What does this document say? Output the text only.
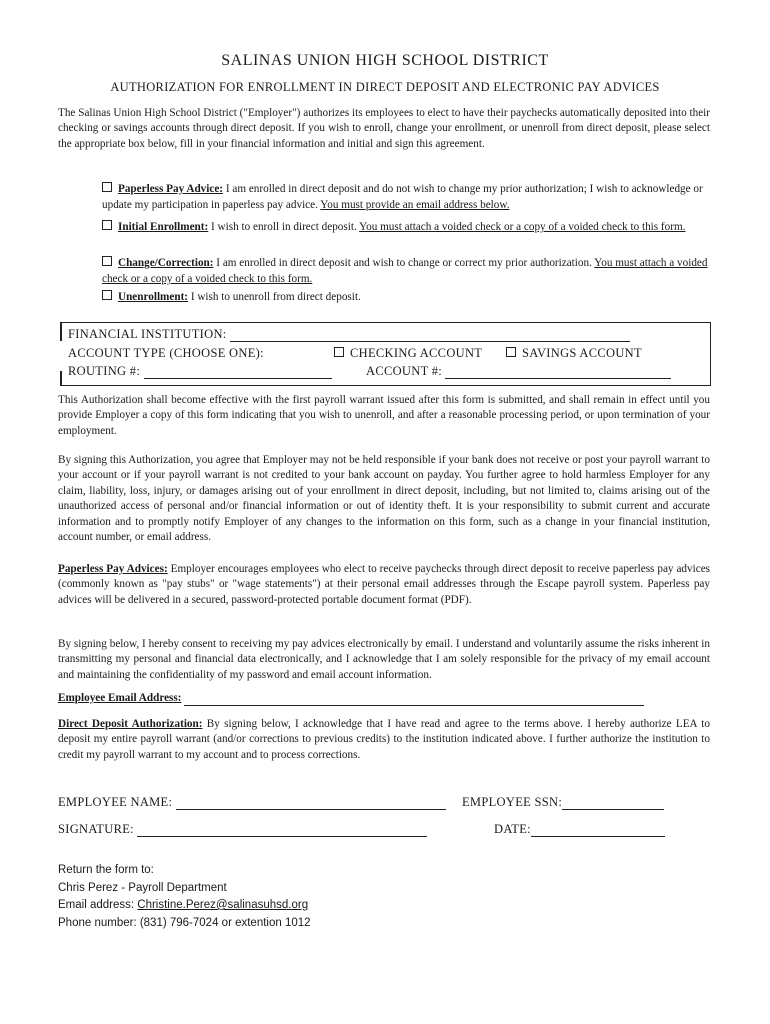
SALINAS UNION HIGH SCHOOL DISTRICT
AUTHORIZATION FOR ENROLLMENT IN DIRECT DEPOSIT AND ELECTRONIC PAY ADVICES
The Salinas Union High School District ("Employer") authorizes its employees to elect to have their paychecks automatically deposited into their checking or savings accounts through direct deposit. If you wish to enroll, change your enrollment, or unenroll from direct deposit, please select the appropriate box below, fill in your financial information and initial and sign this agreement.
Paperless Pay Advice: I am enrolled in direct deposit and do not wish to change my prior authorization; I wish to acknowledge or update my participation in paperless pay advice. You must provide an email address below.
Initial Enrollment: I wish to enroll in direct deposit. You must attach a voided check or a copy of a voided check to this form.
Change/Correction: I am enrolled in direct deposit and wish to change or correct my prior authorization. You must attach a voided check or a copy of a voided check to this form.
Unenrollment: I wish to unenroll from direct deposit.
FINANCIAL INSTITUTION:
ACCOUNT TYPE (CHOOSE ONE):	CHECKING ACCOUNT	SAVINGS ACCOUNT
ROUTING #:	ACCOUNT #:
This Authorization shall become effective with the first payroll warrant issued after this form is submitted, and shall remain in effect until you provide Employer a copy of this form indicating that you wish to unenroll, and after a reasonable processing period, or upon termination of your employment.
By signing this Authorization, you agree that Employer may not be held responsible if your bank does not receive or post your payroll warrant to your account or if your payroll warrant is not credited to your bank account on payday. You further agree to hold harmless Employer for any claim, liability, loss, injury, or damages arising out of your enrollment in direct deposit, including, but not limited to, claims arising out of the unauthorized access of personal and/or financial information or out of identity theft. It is your responsibility to submit current and accurate information and to promptly notify Employer of any changes to the information on this form, such as a change in your financial institution, account number, or email address.
Paperless Pay Advices: Employer encourages employees who elect to receive paychecks through direct deposit to receive paperless pay advices (commonly known as "pay stubs" or "wage statements") at their personal email addresses through the Escape payroll system. Paperless pay advices will be delivered in a secured, password-protected portable document format (PDF).
By signing below, I hereby consent to receiving my pay advices electronically by email. I understand and voluntarily assume the risks inherent in transmitting my personal and financial data electronically, and I acknowledge that I am solely responsible for the privacy of my email account and maintaining the confidentiality of my password and email account information.
Employee Email Address:
Direct Deposit Authorization: By signing below, I acknowledge that I have read and agree to the terms above. I hereby authorize LEA to deposit my entire payroll warrant (and/or corrections to previous credits) to the institution indicated above. I further authorize the institution to credit my payroll warrant to my account and to process corrections.
EMPLOYEE NAME:	EMPLOYEE SSN:
SIGNATURE:	DATE:
Return the form to:
Chris Perez - Payroll Department
Email address: Christine.Perez@salinasuhsd.org
Phone number: (831) 796-7024 or extention 1012
